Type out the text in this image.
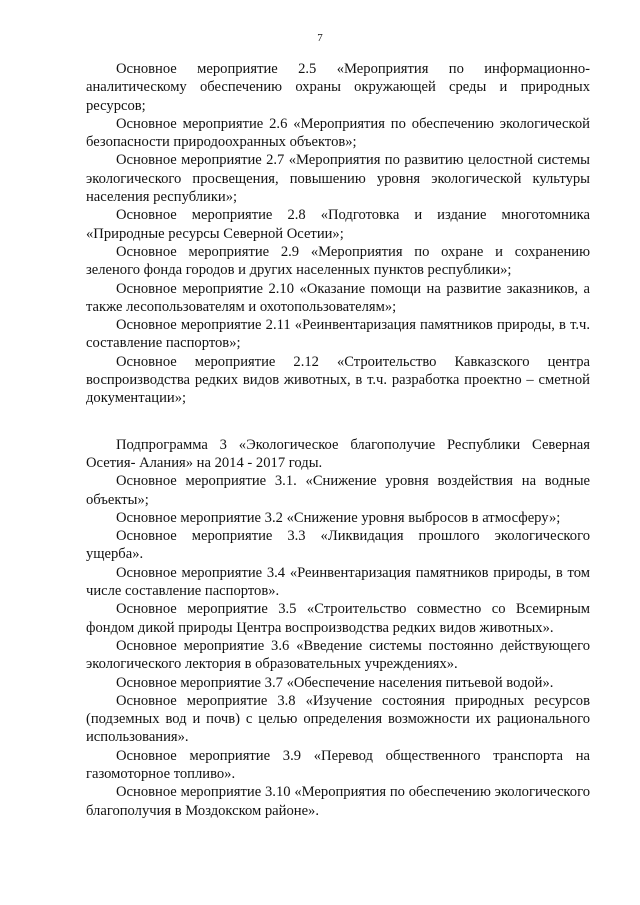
7

Основное мероприятие 2.5 «Мероприятия по информационно-аналитическому обеспечению охраны окружающей среды и природных ресурсов;

Основное мероприятие 2.6 «Мероприятия по обеспечению экологической безопасности природоохранных объектов»;

Основное мероприятие 2.7 «Мероприятия по развитию целостной системы экологического просвещения, повышению уровня экологической культуры населения республики»;

Основное мероприятие 2.8 «Подготовка и издание многотомника «Природные ресурсы Северной Осетии»;

Основное мероприятие 2.9 «Мероприятия по охране и сохранению зеленого фонда городов и других населенных пунктов республики»;

Основное мероприятие 2.10 «Оказание помощи на развитие заказников, а также лесопользователям и охотопользователям»;

Основное мероприятие 2.11 «Реинвентаризация памятников природы, в т.ч. составление паспортов»;

Основное мероприятие 2.12 «Строительство Кавказского центра воспроизводства редких видов животных, в т.ч. разработка проектно – сметной документации»;

Подпрограмма 3 «Экологическое благополучие Республики Северная Осетия- Алания» на 2014 - 2017 годы.

Основное мероприятие 3.1. «Снижение уровня воздействия на водные объекты»;

Основное мероприятие 3.2 «Снижение уровня выбросов в атмосферу»;

Основное мероприятие 3.3 «Ликвидация прошлого экологического ущерба».

Основное мероприятие 3.4 «Реинвентаризация памятников природы, в том числе составление паспортов».

Основное мероприятие 3.5 «Строительство совместно со Всемирным фондом дикой природы Центра воспроизводства редких видов животных».

Основное мероприятие 3.6 «Введение системы постоянно действующего экологического лектория в образовательных учреждениях».

Основное мероприятие 3.7 «Обеспечение населения питьевой водой».

Основное мероприятие 3.8 «Изучение состояния природных ресурсов (подземных вод и почв) с целью определения возможности их рационального использования».

Основное мероприятие 3.9 «Перевод общественного транспорта на газомоторное топливо».

Основное мероприятие 3.10 «Мероприятия по обеспечению экологического благополучия в Моздокском районе».
